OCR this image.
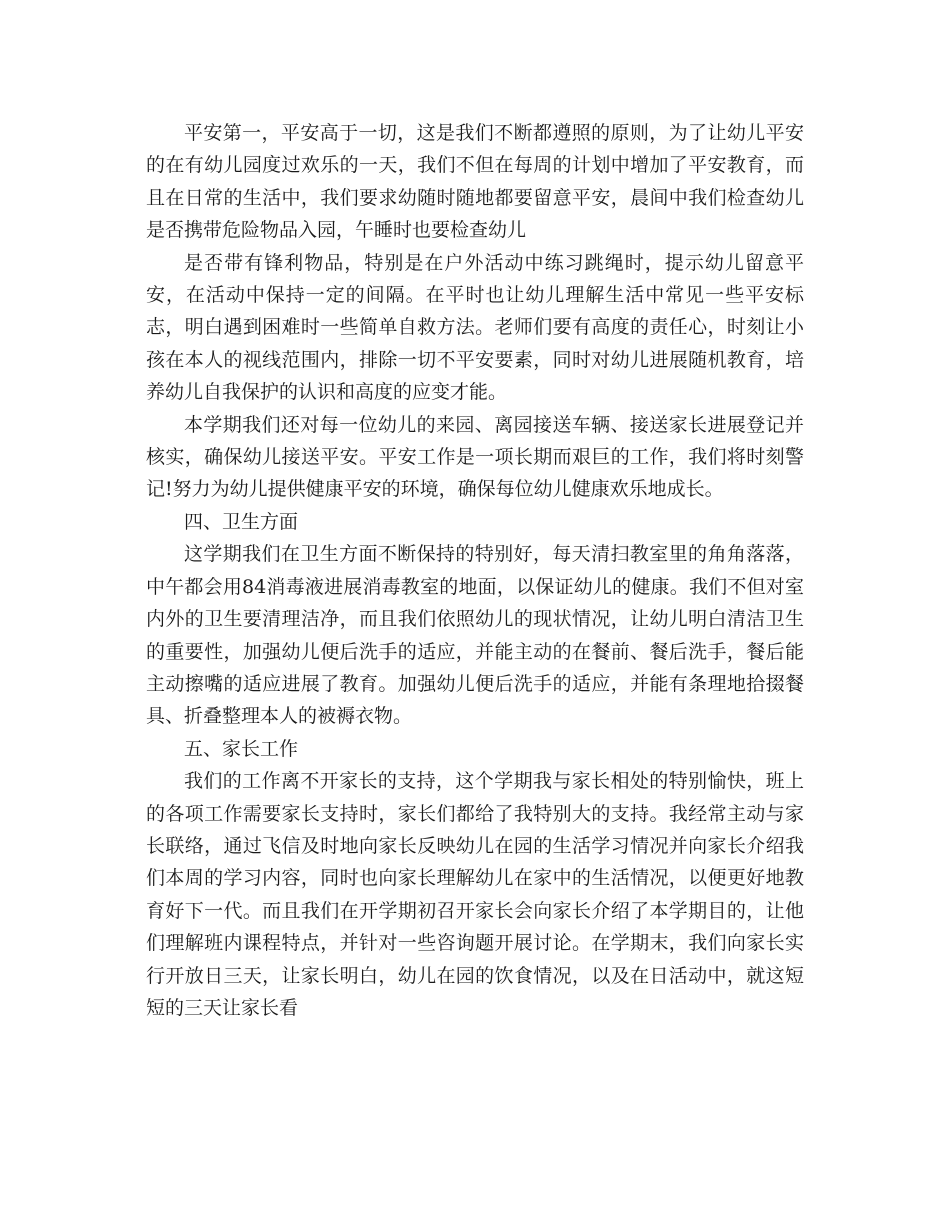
平安第一，平安高于一切，这是我们不断都遵照的原则，为了让幼儿平安的在有幼儿园度过欢乐的一天，我们不但在每周的计划中增加了平安教育，而且在日常的生活中，我们要求幼随时随地都要留意平安，晨间中我们检查幼儿是否携带危险物品入园，午睡时也要检查幼儿

是否带有锋利物品，特别是在户外活动中练习跳绳时，提示幼儿留意平安，在活动中保持一定的间隔。在平时也让幼儿理解生活中常见一些平安标志，明白遇到困难时一些简单自救方法。老师们要有高度的责任心，时刻让小孩在本人的视线范围内，排除一切不平安要素，同时对幼儿进展随机教育，培养幼儿自我保护的认识和高度的应变才能。

本学期我们还对每一位幼儿的来园、离园接送车辆、接送家长进展登记并核实，确保幼儿接送平安。平安工作是一项长期而艰巨的工作，我们将时刻警记!努力为幼儿提供健康平安的环境，确保每位幼儿健康欢乐地成长。

四、卫生方面

这学期我们在卫生方面不断保持的特别好，每天清扫教室里的角角落落，中午都会用84消毒液进展消毒教室的地面，以保证幼儿的健康。我们不但对室内外的卫生要清理洁净，而且我们依照幼儿的现状情况，让幼儿明白清洁卫生的重要性，加强幼儿便后洗手的适应，并能主动的在餐前、餐后洗手，餐后能主动擦嘴的适应进展了教育。加强幼儿便后洗手的适应，并能有条理地拾掇餐具、折叠整理本人的被褥衣物。

五、家长工作

我们的工作离不开家长的支持，这个学期我与家长相处的特别愉快，班上的各项工作需要家长支持时，家长们都给了我特别大的支持。我经常主动与家长联络，通过飞信及时地向家长反映幼儿在园的生活学习情况并向家长介绍我们本周的学习内容，同时也向家长理解幼儿在家中的生活情况，以便更好地教育好下一代。而且我们在开学期初召开家长会向家长介绍了本学期目的，让他们理解班内课程特点，并针对一些咨询题开展讨论。在学期末，我们向家长实行开放日三天，让家长明白，幼儿在园的饮食情况，以及在日活动中，就这短短的三天让家长看
